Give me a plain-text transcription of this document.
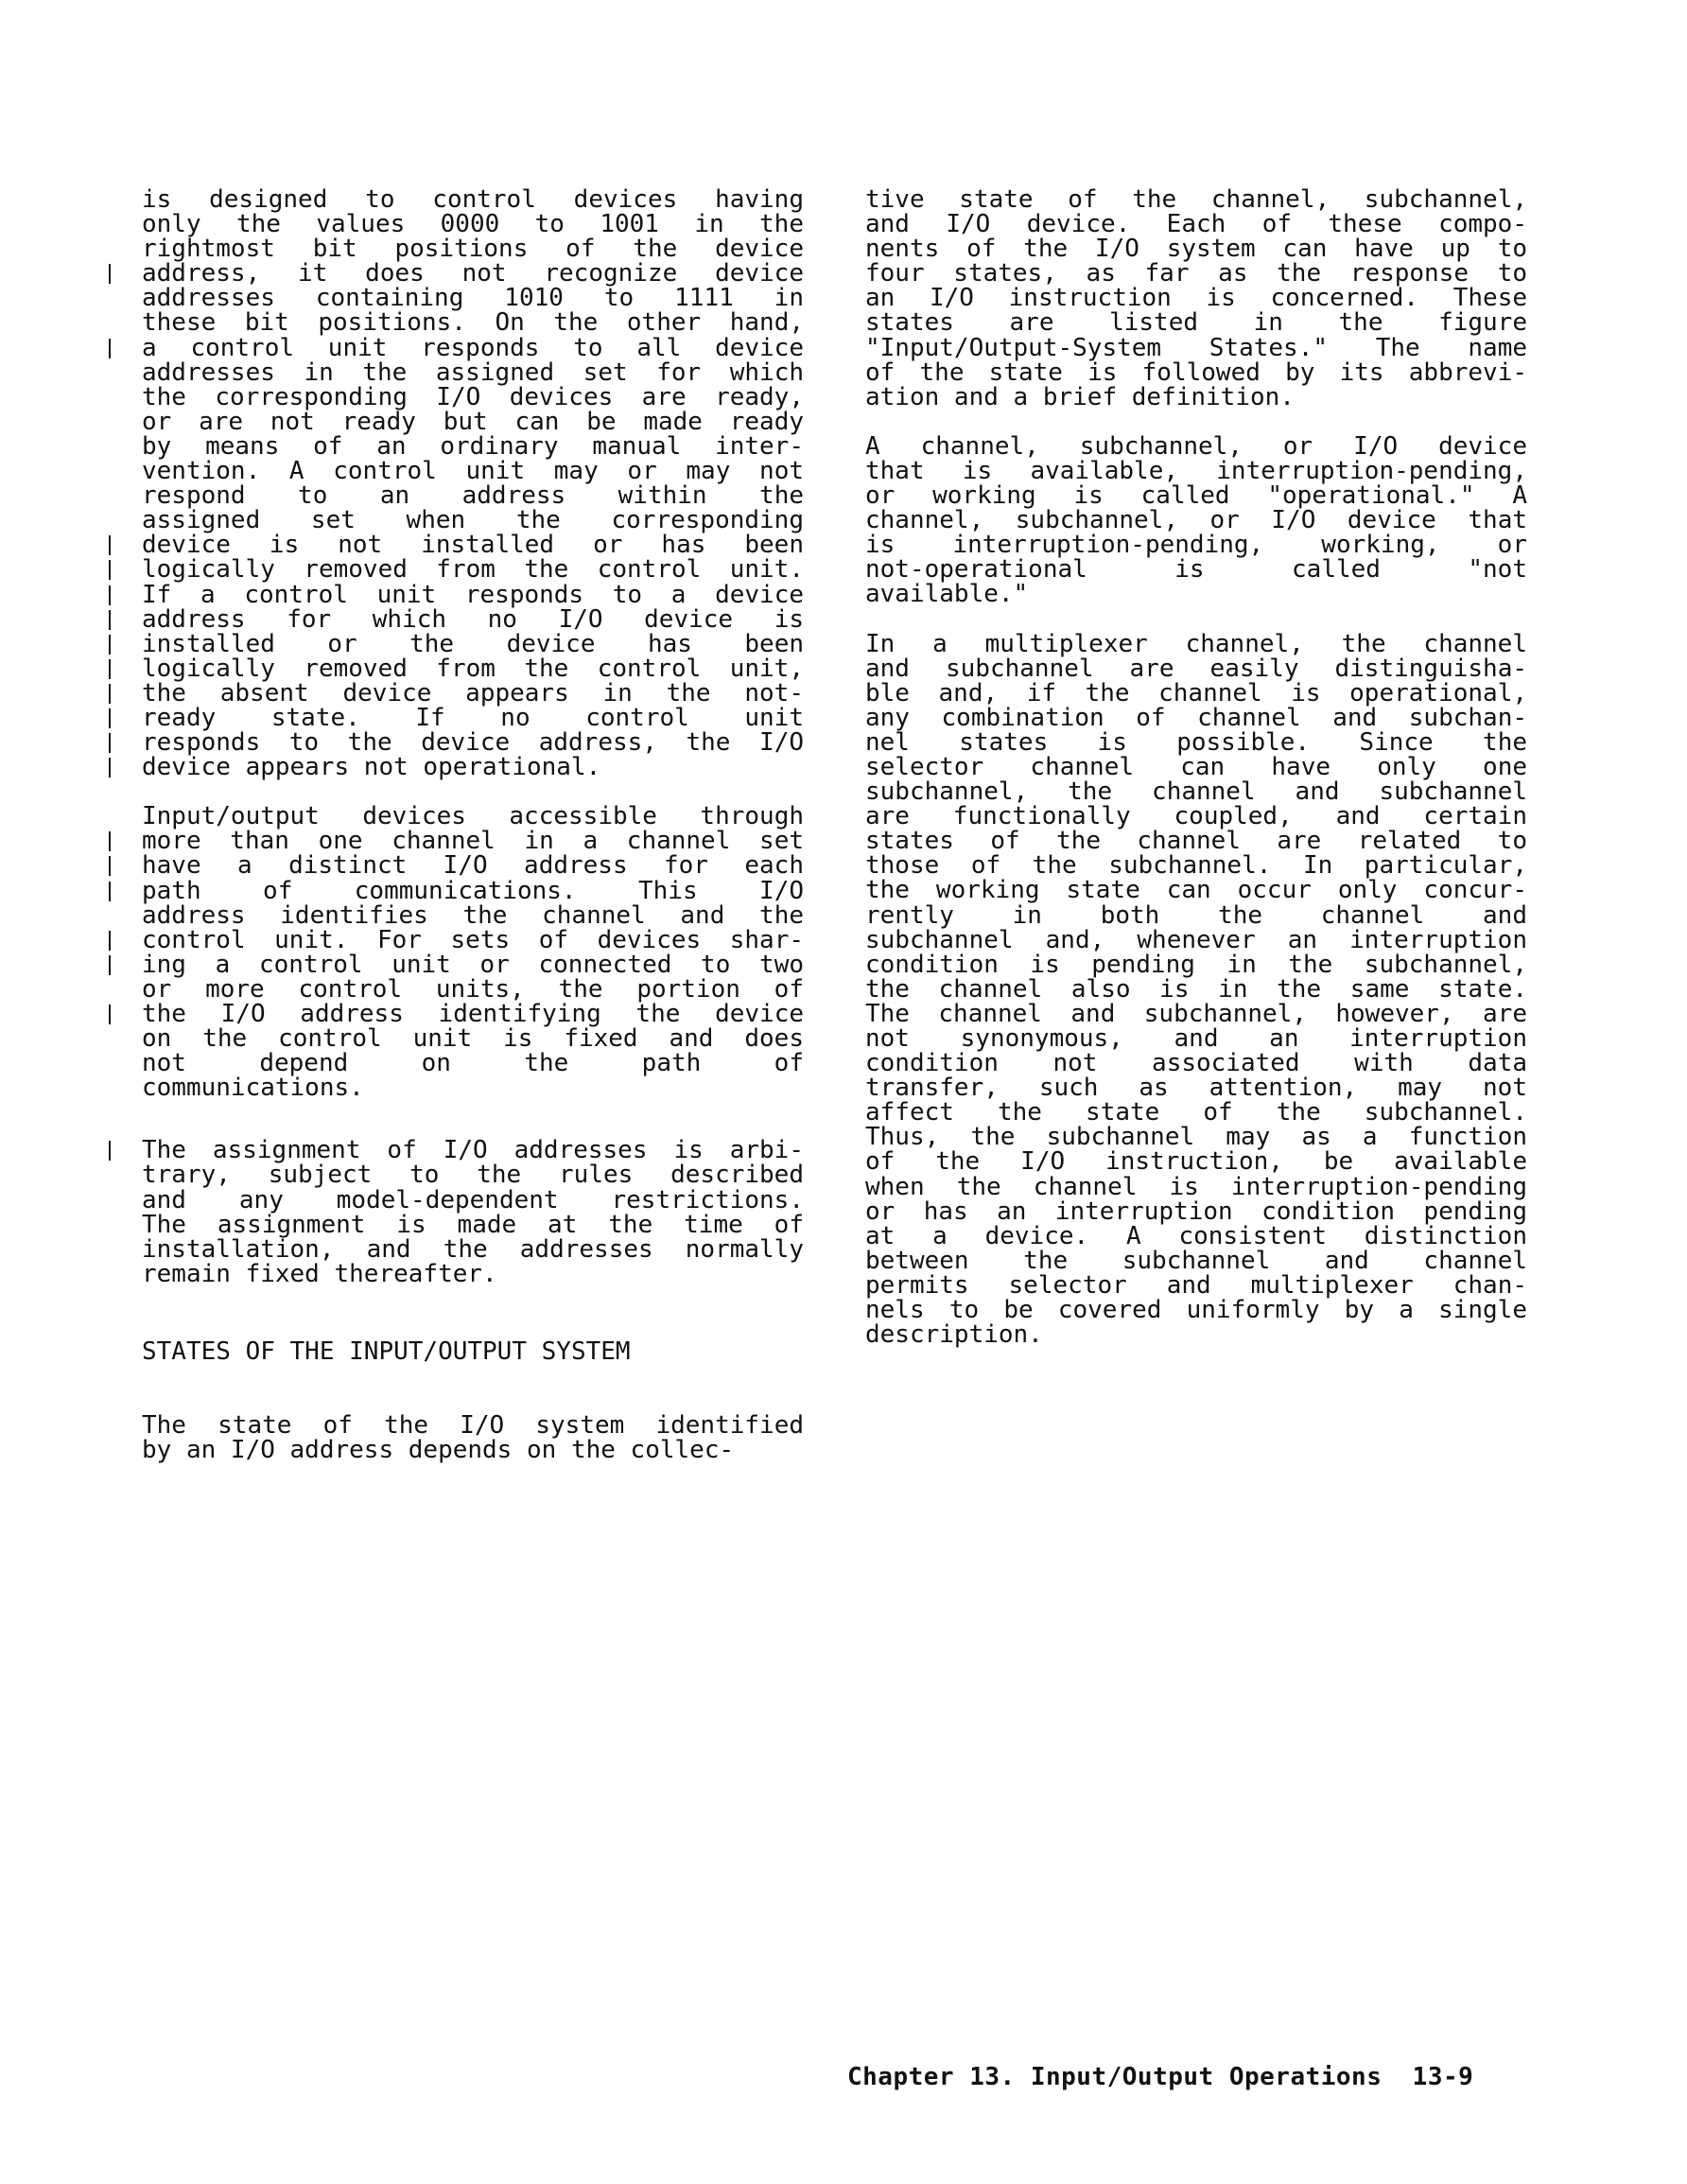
is designed to control devices having
only the values 0000 to 1001 in the
rightmost bit positions of the device
address, it does not recognize device
addresses containing 1010 to 1111 in
these bit positions. On the other hand,
a control unit responds to all device
addresses in the assigned set for which
the corresponding I/O devices are ready,
or are not ready but can be made ready
by means of an ordinary manual inter-
vention. A control unit may or may not
respond to an address within the
assigned set when the corresponding
device is not installed or has been
logically removed from the control unit.
If a control unit responds to a device
address for which no I/O device is
installed or the device has been
logically removed from the control unit,
the absent device appears in the not-
ready state. If no control unit
responds to the device address, the I/O
device appears not operational.
Input/output devices accessible through
more than one channel in a channel set
have a distinct I/O address for each
path of communications. This I/O
address identifies the channel and the
control unit. For sets of devices shar-
ing a control unit or connected to two
or more control units, the portion of
the I/O address identifying the device
on the control unit is fixed and does
not depend on the path of
communications.
The assignment of I/O addresses is arbi-
trary, subject to the rules described
and any model-dependent restrictions.
The assignment is made at the time of
installation, and the addresses normally
remain fixed thereafter.
STATES OF THE INPUT/OUTPUT SYSTEM
The state of the I/O system identified
by an I/O address depends on the collec-
tive state of the channel, subchannel,
and I/O device. Each of these compo-
nents of the I/O system can have up to
four states, as far as the response to
an I/O instruction is concerned. These
states are listed in the figure
"Input/Output-System States." The name
of the state is followed by its abbrevi-
ation and a brief definition.
A channel, subchannel, or I/O device
that is available, interruption-pending,
or working is called "operational." A
channel, subchannel, or I/O device that
is interruption-pending, working, or
not-operational is called "not
available."
In a multiplexer channel, the channel
and subchannel are easily distinguisha-
ble and, if the channel is operational,
any combination of channel and subchan-
nel states is possible. Since the
selector channel can have only one
subchannel, the channel and subchannel
are functionally coupled, and certain
states of the channel are related to
those of the subchannel. In particular,
the working state can occur only concur-
rently in both the channel and
subchannel and, whenever an interruption
condition is pending in the subchannel,
the channel also is in the same state.
The channel and subchannel, however, are
not synonymous, and an interruption
condition not associated with data
transfer, such as attention, may not
affect the state of the subchannel.
Thus, the subchannel may as a function
of the I/O instruction, be available
when the channel is interruption-pending
or has an interruption condition pending
at a device. A consistent distinction
between the subchannel and channel
permits selector and multiplexer chan-
nels to be covered uniformly by a single
description.
Chapter 13. Input/Output Operations  13-9
